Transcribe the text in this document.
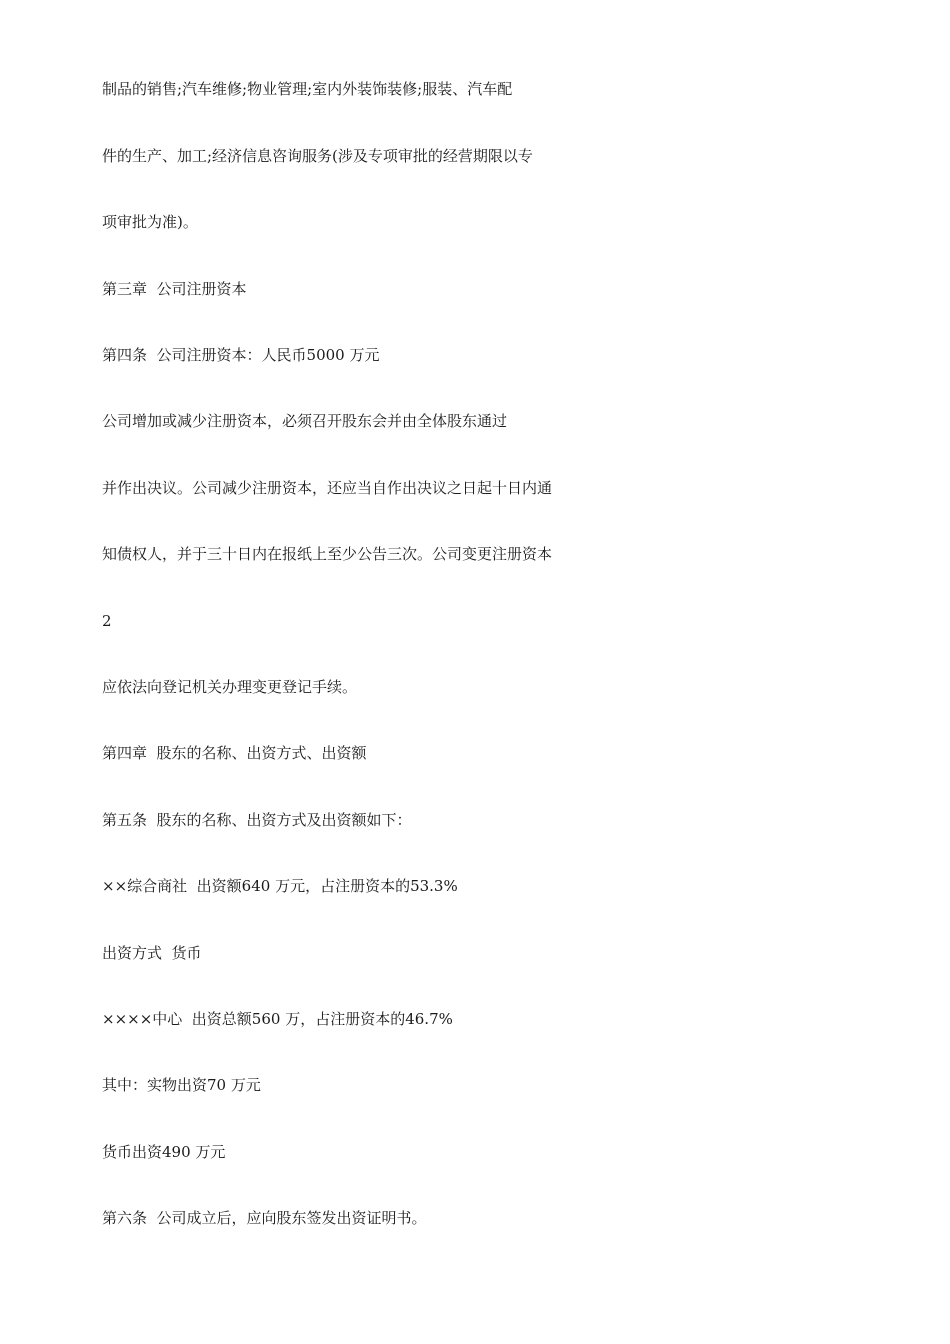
制品的销售;汽车维修;物业管理;室内外装饰装修;服装、汽车配
件的生产、加工;经济信息咨询服务(涉及专项审批的经营期限以专
项审批为准)。
第三章  公司注册资本
第四条  公司注册资本：人民币5000 万元
公司增加或减少注册资本，必须召开股东会并由全体股东通过
并作出决议。公司减少注册资本，还应当自作出决议之日起十日内通
知债权人，并于三十日内在报纸上至少公告三次。公司变更注册资本
2
应依法向登记机关办理变更登记手续。
第四章  股东的名称、出资方式、出资额
第五条  股东的名称、出资方式及出资额如下：
××综合商社  出资额640 万元，占注册资本的53.3%
出资方式  货币
××××中心  出资总额560 万，占注册资本的46.7%
其中：实物出资70 万元
货币出资490 万元
第六条  公司成立后，应向股东签发出资证明书。
